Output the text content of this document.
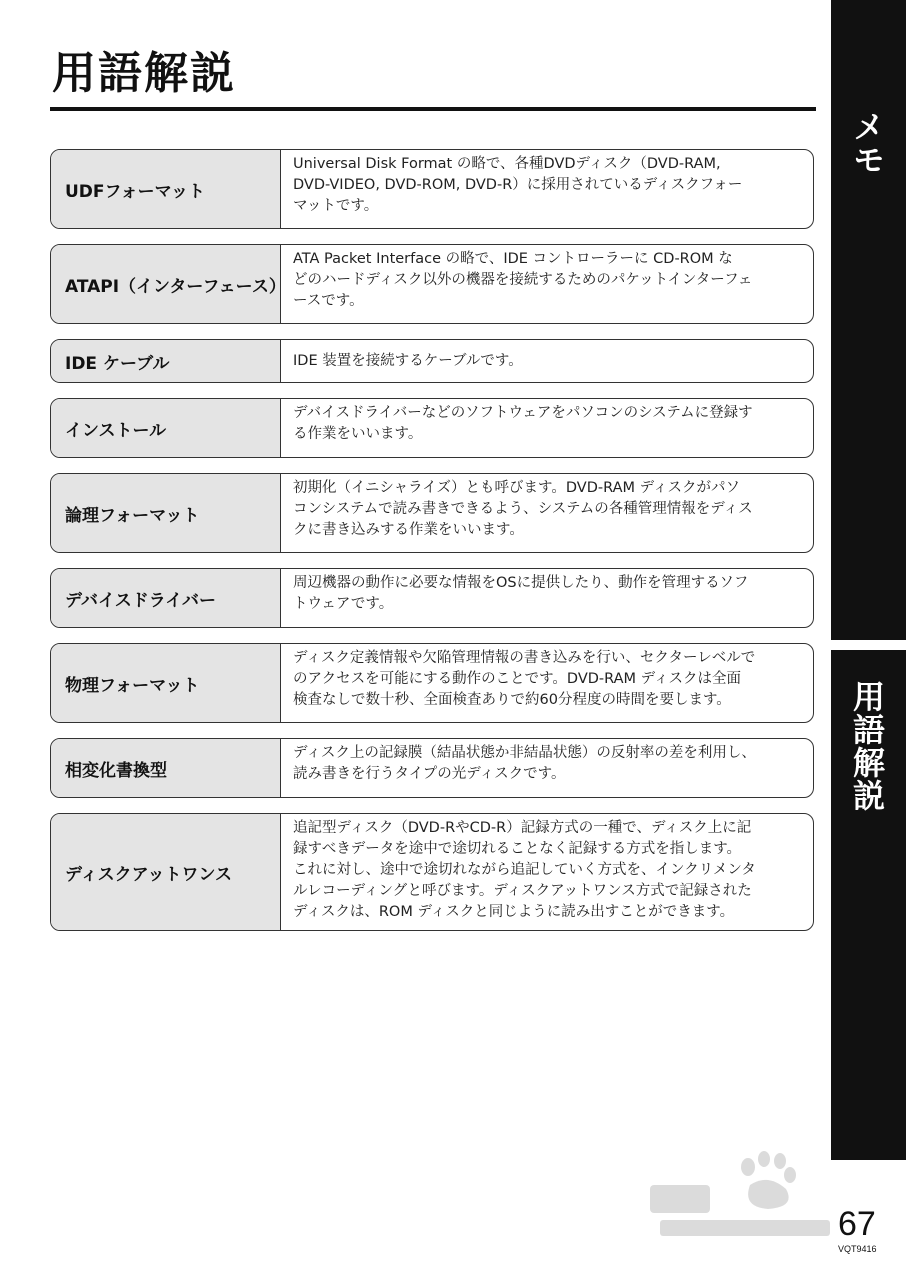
用語解説
メモ
用語解説
UDFフォーマット

Universal Disk Format の略で、各種DVDディスク（DVD-RAM,
DVD-VIDEO, DVD-ROM, DVD-R）に採用されているディスクフォー
マットです。

ATAPI（インターフェース）

ATA Packet Interface の略で、IDE コントローラーに CD-ROM な
どのハードディスク以外の機器を接続するためのパケットインターフェ
ースです。

IDE ケーブル	IDE 装置を接続するケーブルです。

インストール

デバイスドライバーなどのソフトウェアをパソコンのシステムに登録す
る作業をいいます。

論理フォーマット

初期化（イニシャライズ）とも呼びます。DVD-RAM ディスクがパソ
コンシステムで読み書きできるよう、システムの各種管理情報をディス
クに書き込みする作業をいいます。

デバイスドライバー

周辺機器の動作に必要な情報をOSに提供したり、動作を管理するソフ
トウェアです。

物理フォーマット

ディスク定義情報や欠陥管理情報の書き込みを行い、セクターレベルで
のアクセスを可能にする動作のことです。DVD-RAM ディスクは全面
検査なしで数十秒、全面検査ありで約60分程度の時間を要します。

相変化書換型

ディスク上の記録膜（結晶状態か非結晶状態）の反射率の差を利用し、
読み書きを行うタイプの光ディスクです。

ディスクアットワンス

追記型ディスク（DVD-RやCD-R）記録方式の一種で、ディスク上に記
録すべきデータを途中で途切れることなく記録する方式を指します。
これに対し、途中で途切れながら追記していく方式を、インクリメンタ
ルレコーディングと呼びます。ディスクアットワンス方式で記録された
ディスクは、ROM ディスクと同じように読み出すことができます。

67
VQT9416
